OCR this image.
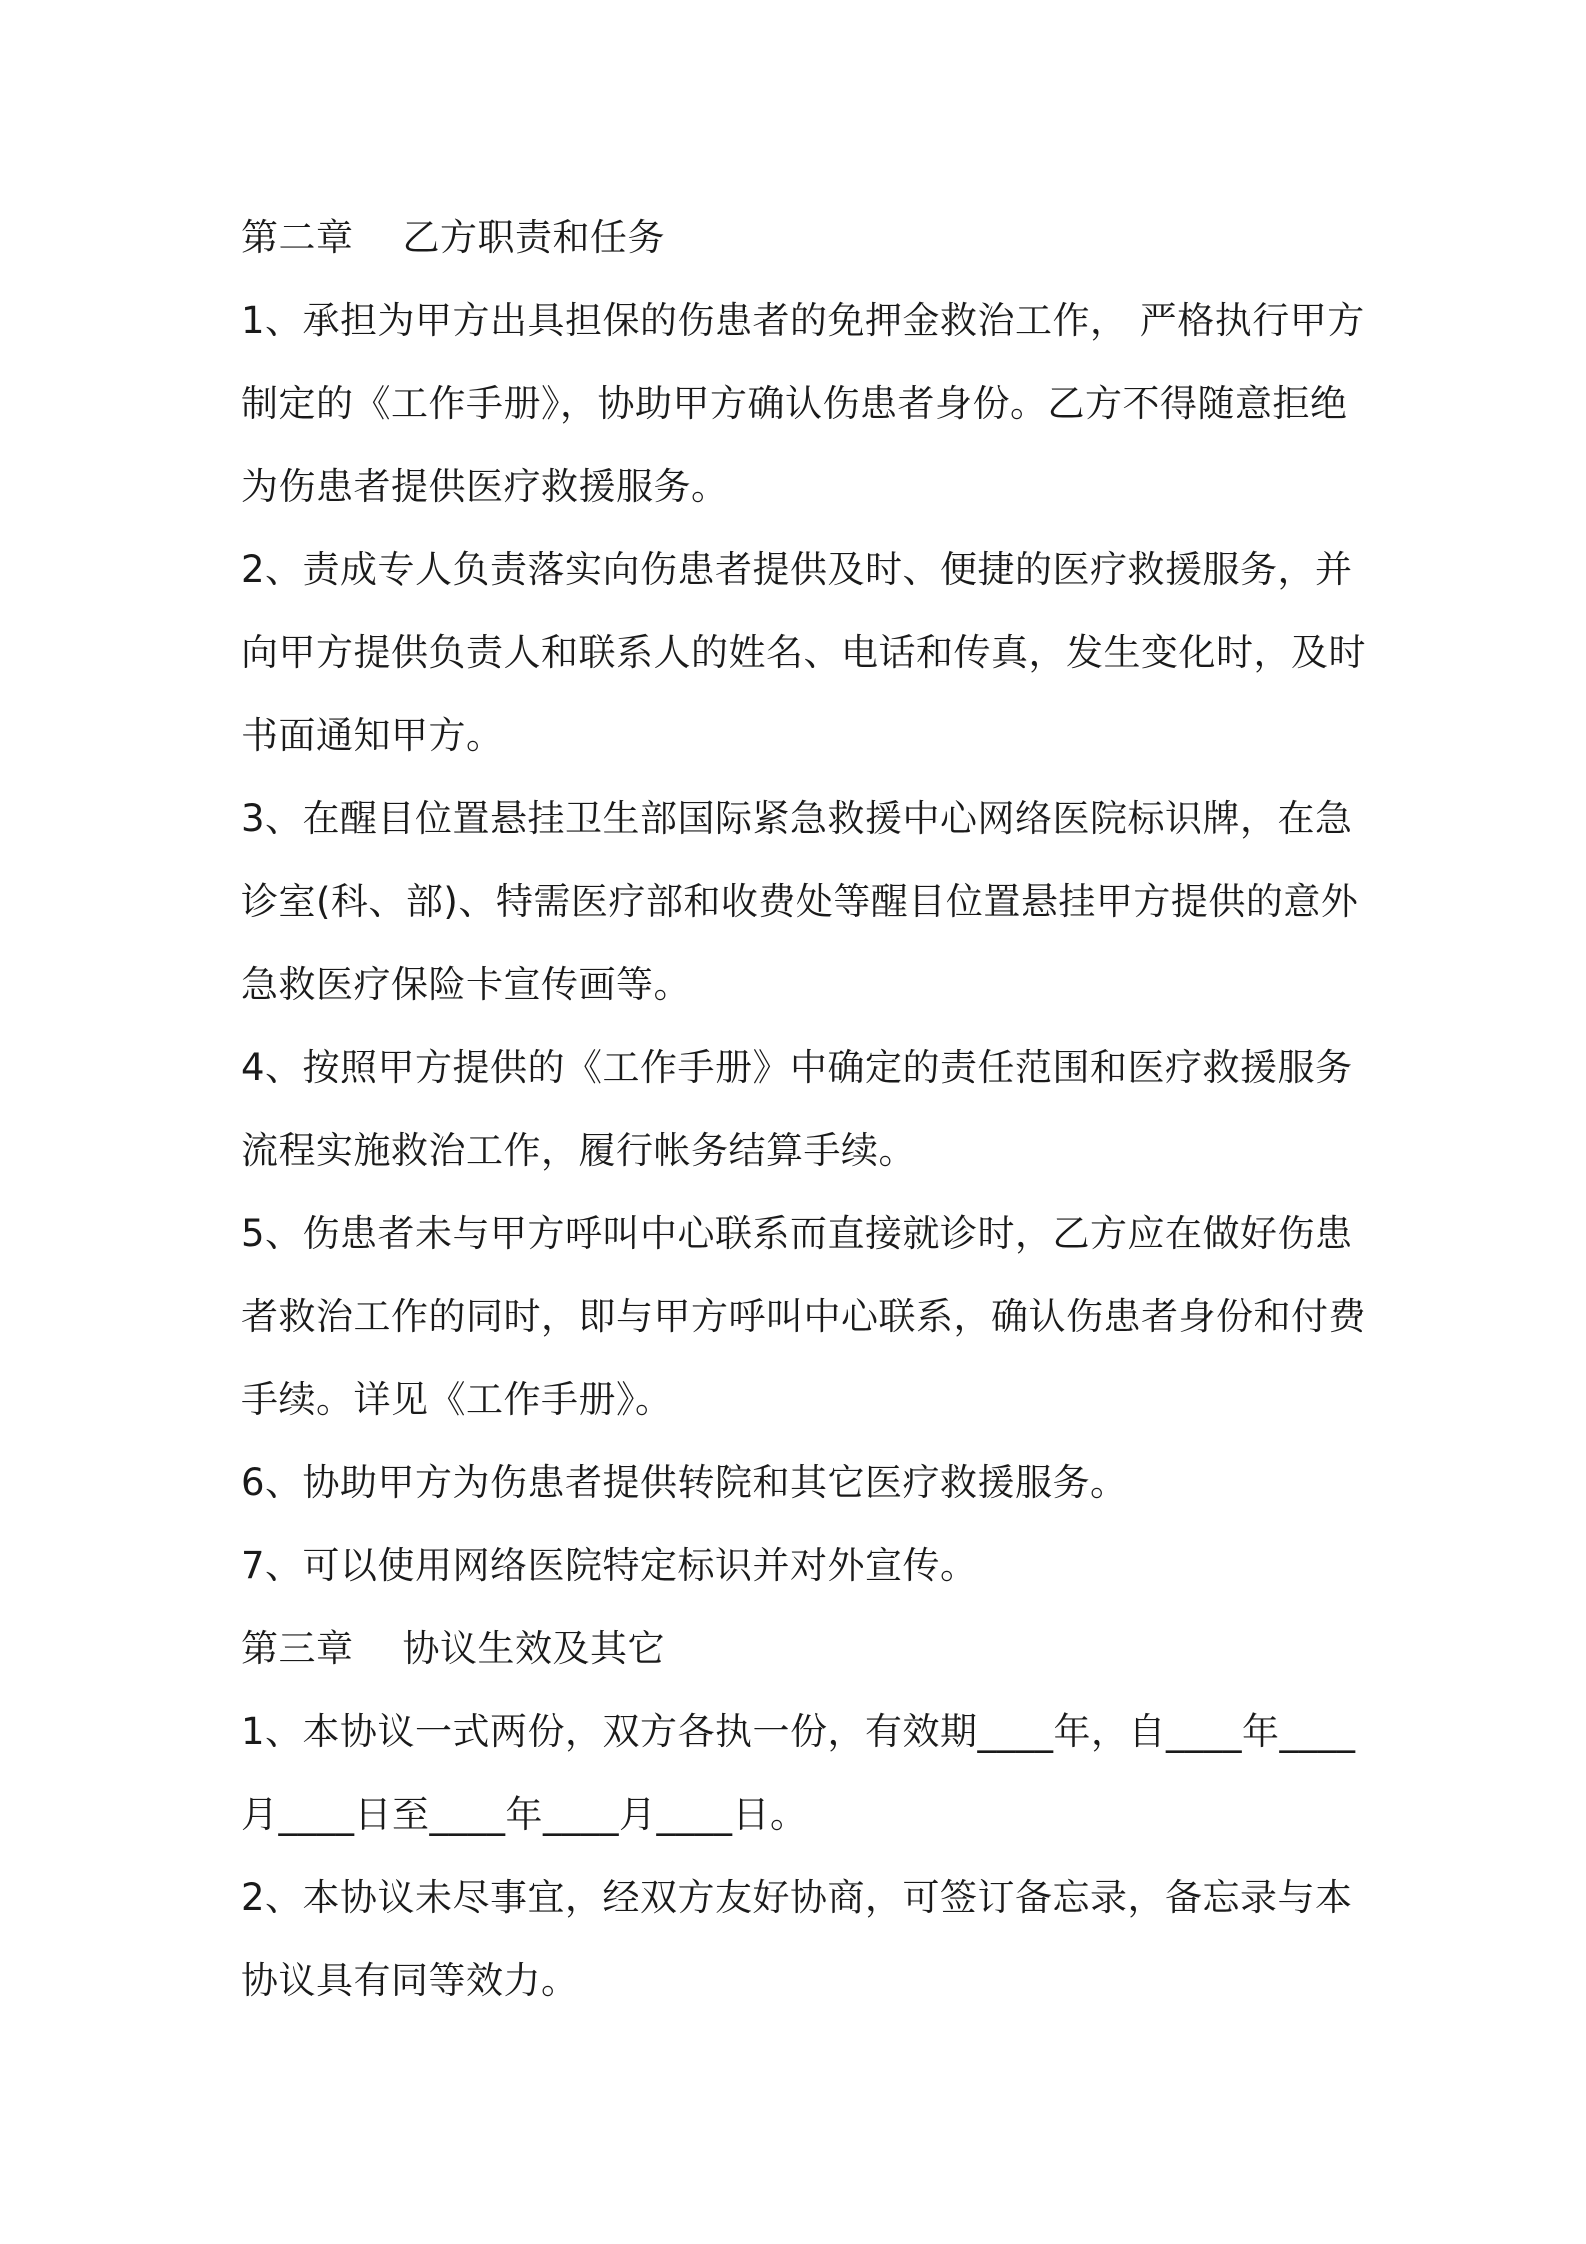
第二章    乙方职责和任务
1、承担为甲方出具担保的伤患者的免押金救治工作， 严格执行甲方
制定的《工作手册》，协助甲方确认伤患者身份。乙方不得随意拒绝
为伤患者提供医疗救援服务。
2、责成专人负责落实向伤患者提供及时、便捷的医疗救援服务，并
向甲方提供负责人和联系人的姓名、电话和传真，发生变化时，及时
书面通知甲方。
3、在醒目位置悬挂卫生部国际紧急救援中心网络医院标识牌，在急
诊室(科、部)、特需医疗部和收费处等醒目位置悬挂甲方提供的意外
急救医疗保险卡宣传画等。
4、按照甲方提供的《工作手册》中确定的责任范围和医疗救援服务
流程实施救治工作，履行帐务结算手续。
5、伤患者未与甲方呼叫中心联系而直接就诊时，乙方应在做好伤患
者救治工作的同时，即与甲方呼叫中心联系，确认伤患者身份和付费
手续。详见《工作手册》。
6、协助甲方为伤患者提供转院和其它医疗救援服务。
7、可以使用网络医院特定标识并对外宣传。
第三章    协议生效及其它
1、本协议一式两份，双方各执一份，有效期____年，自____年____
月____日至____年____月____日。
2、本协议未尽事宜，经双方友好协商，可签订备忘录，备忘录与本
协议具有同等效力。
